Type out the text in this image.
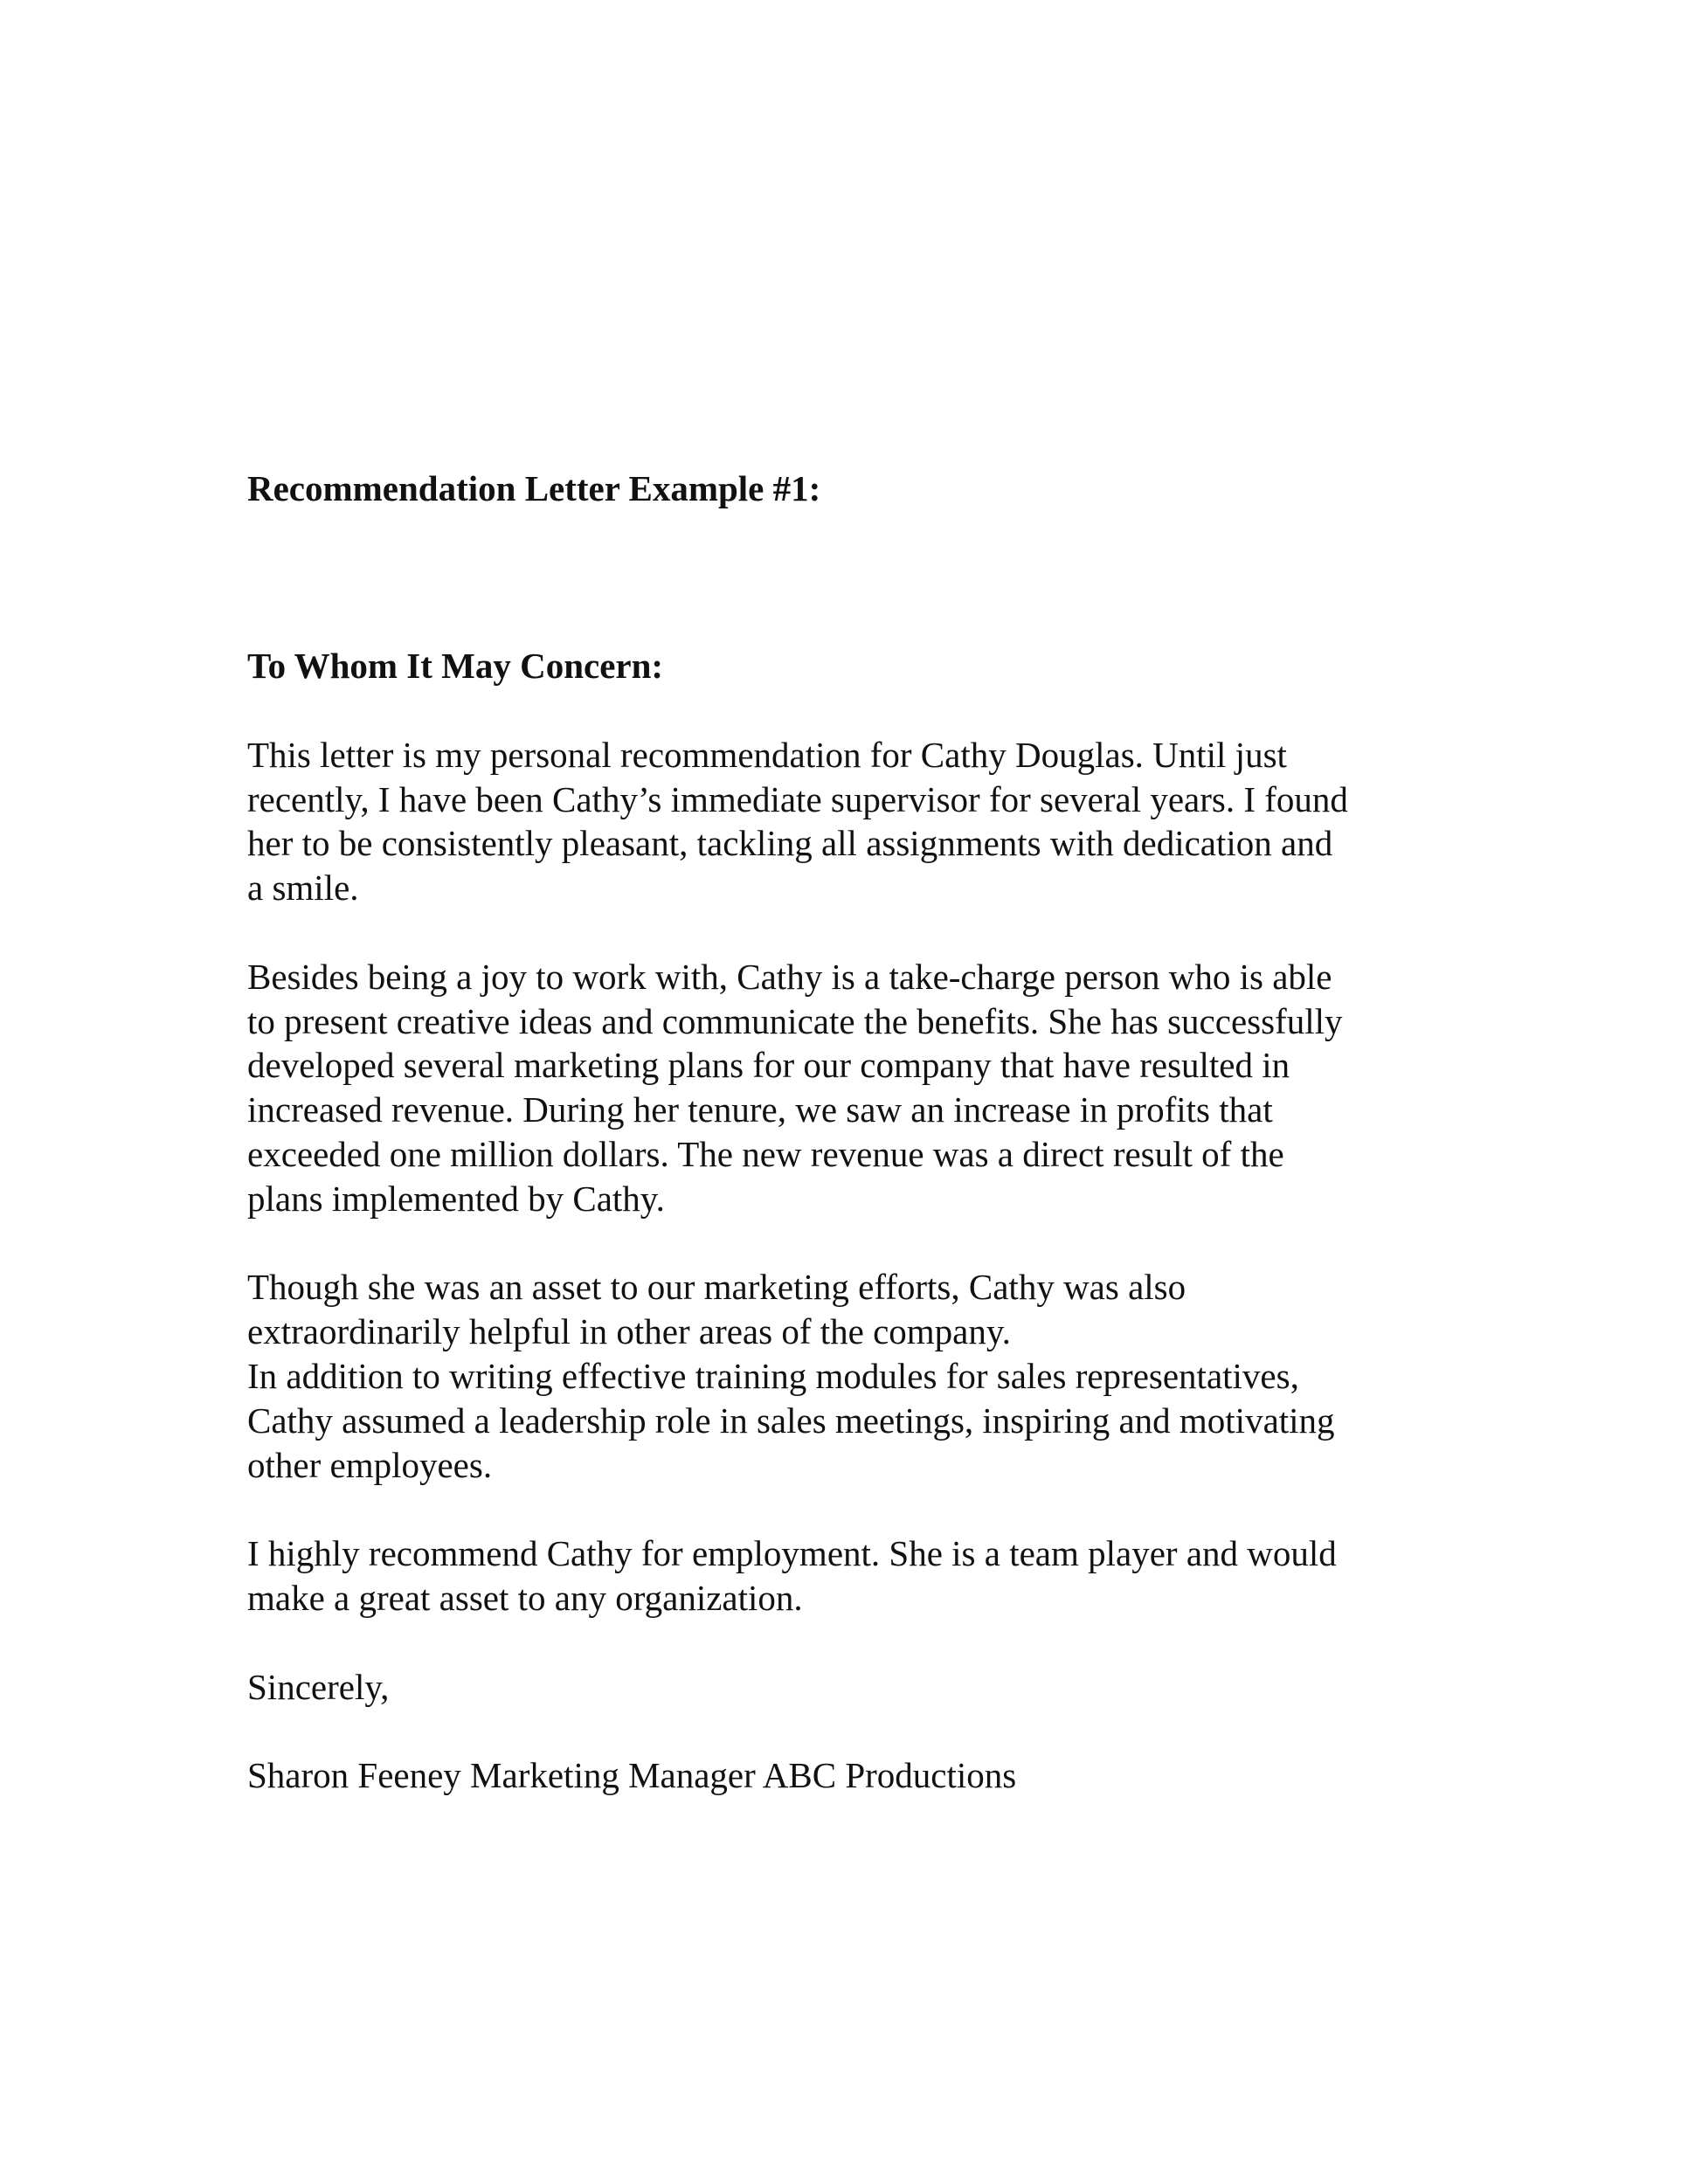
Recommendation Letter Example #1:
To Whom It May Concern:
This letter is my personal recommendation for Cathy Douglas. Until just
recently, I have been Cathy’s immediate supervisor for several years. I found
her to be consistently pleasant, tackling all assignments with dedication and
a smile.
Besides being a joy to work with, Cathy is a take-charge person who is able
to present creative ideas and communicate the benefits. She has successfully
developed several marketing plans for our company that have resulted in
increased revenue. During her tenure, we saw an increase in profits that
exceeded one million dollars. The new revenue was a direct result of the
plans implemented by Cathy.
Though she was an asset to our marketing efforts, Cathy was also
extraordinarily helpful in other areas of the company.
In addition to writing effective training modules for sales representatives,
Cathy assumed a leadership role in sales meetings, inspiring and motivating
other employees.
I highly recommend Cathy for employment. She is a team player and would
make a great asset to any organization.
Sincerely,
Sharon Feeney Marketing Manager ABC Productions
